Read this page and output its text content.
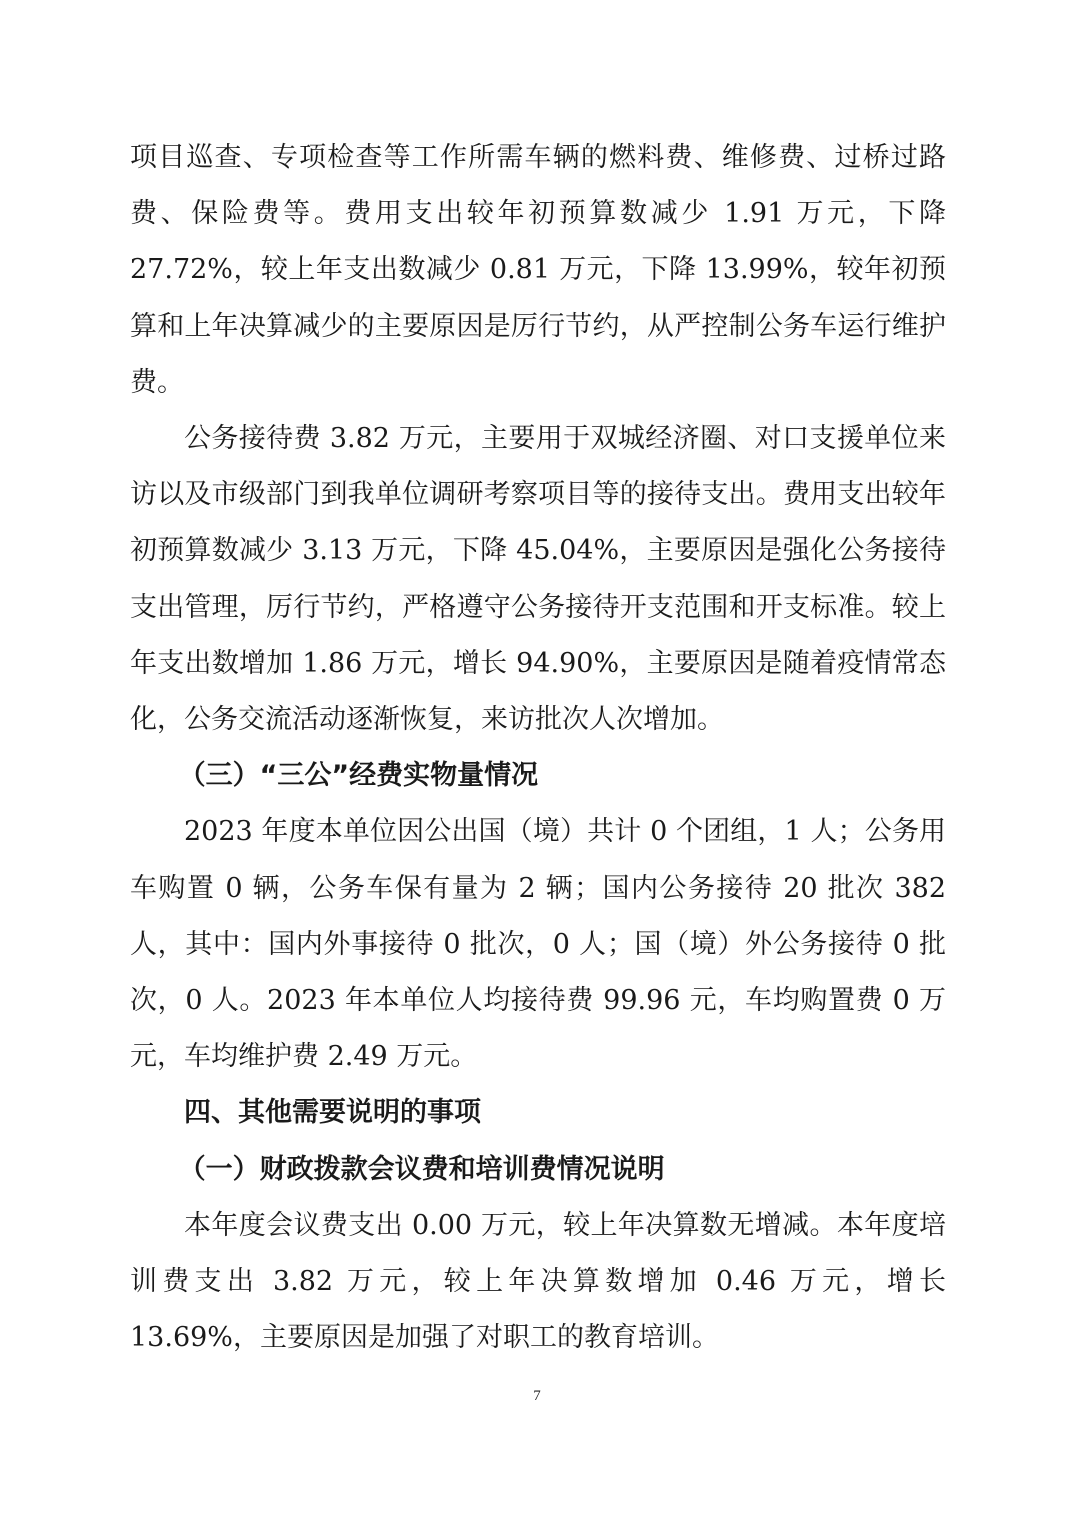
项目巡查、专项检查等工作所需车辆的燃料费、维修费、过桥过路费、保险费等。费用支出较年初预算数减少 1.91 万元，下降 27.72%，较上年支出数减少 0.81 万元，下降 13.99%，较年初预算和上年决算减少的主要原因是厉行节约，从严控制公务车运行维护费。

公务接待费 3.82 万元，主要用于双城经济圈、对口支援单位来访以及市级部门到我单位调研考察项目等的接待支出。费用支出较年初预算数减少 3.13 万元，下降 45.04%，主要原因是强化公务接待支出管理，厉行节约，严格遵守公务接待开支范围和开支标准。较上年支出数增加 1.86 万元，增长 94.90%，主要原因是随着疫情常态化，公务交流活动逐渐恢复，来访批次人次增加。

（三）“三公”经费实物量情况

2023 年度本单位因公出国（境）共计 0 个团组，1 人；公务用车购置 0 辆，公务车保有量为 2 辆；国内公务接待 20 批次 382 人，其中：国内外事接待 0 批次，0 人；国（境）外公务接待 0 批次，0 人。2023 年本单位人均接待费 99.96 元，车均购置费 0 万元，车均维护费 2.49 万元。

四、其他需要说明的事项

（一）财政拨款会议费和培训费情况说明

本年度会议费支出 0.00 万元，较上年决算数无增减。本年度培训费支出 3.82 万元，较上年决算数增加 0.46 万元，增长 13.69%，主要原因是加强了对职工的教育培训。

7
